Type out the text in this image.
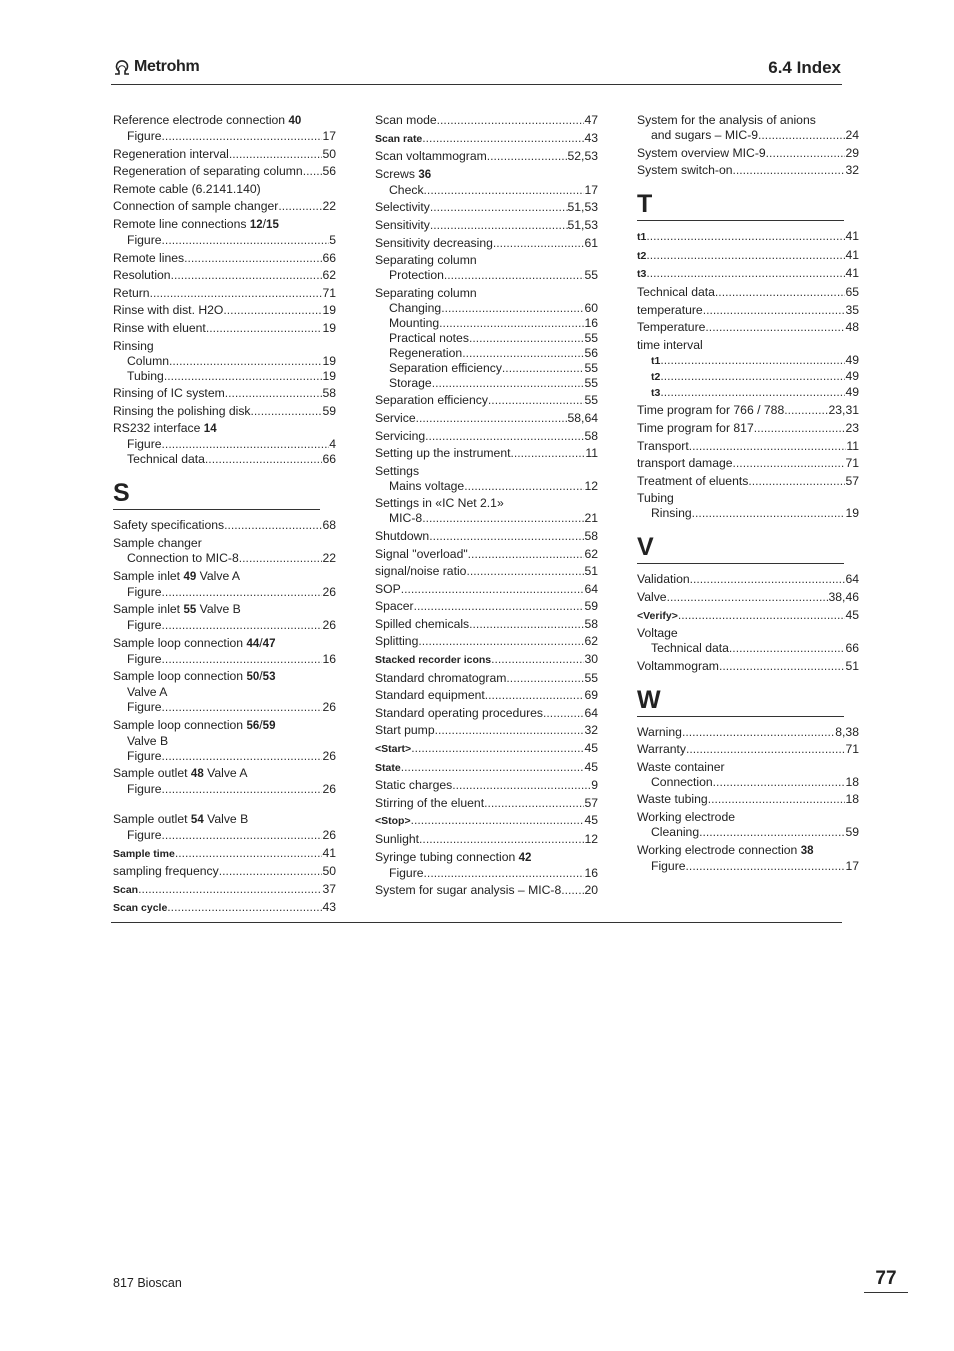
Metrohm	6.4 Index
Reference electrode connection 40
Figure .....	17
Regeneration interval .....	50
Regeneration of separating column ..... 56
Remote cable (6.2141.140)
Connection of sample changer .....	22
Remote line connections 12/15
Figure .....	5
Remote lines .....	66
Resolution .....	62
Return .....	71
Rinse with dist. H2O .....	19
Rinse with eluent .....	19
Rinsing
Column .....	19
Tubing .....	19
Rinsing of IC system .....	58
Rinsing the polishing disk .....	59
RS232 interface 14
Figure .....	4
Technical data .....	66
S
Safety specifications .....	68
Sample changer
Connection to MIC-8 .....	22
Sample inlet 49 Valve A
Figure .....	26
Sample inlet 55 Valve B
Figure .....	26
Sample loop connection 44/47
Figure .....	16
Sample loop connection 50/53
Valve A
Figure .....	26
Sample loop connection 56/59
Valve B
Figure .....	26
Sample outlet 48 Valve A
Figure .....	26
Sample outlet 54 Valve B
Figure .....	26
Sample time .....	41
sampling frequency .....	50
Scan .....	37
Scan cycle .....	43
Scan mode .....	47
Scan rate .....	43
Scan voltammogram .....	52,53
Screws 36
Check .....	17
Selectivity .....	51,53
Sensitivity .....	51,53
Sensitivity decreasing .....	61
Separating column
Protection .....	55
Separating column
Changing .....	60
Mounting .....	16
Practical notes .....	55
Regeneration .....	56
Separation efficiency .....	55
Storage .....	55
Separation efficiency .....	55
Service .....	58,64
Servicing .....	58
Setting up the instrument .....	11
Settings
Mains voltage .....	12
Settings in «IC Net 2.1»
MIC-8 .....	21
Shutdown .....	58
Signal "overload" .....	62
signal/noise ratio .....	51
SOP .....	64
Spacer .....	59
Spilled chemicals .....	58
Splitting .....	62
Stacked recorder icons .....	30
Standard chromatogram .....	55
Standard equipment .....	69
Standard operating procedures .....	64
Start pump .....	32
<Start> .....	45
State .....	45
Static charges .....	9
Stirring of the eluent .....	57
<Stop> .....	45
Sunlight .....	12
Syringe tubing connection 42
Figure .....	16
System for sugar analysis – MIC-8 ..... 20
System for the analysis of anions
and sugars – MIC-9 .....	24
System overview MIC-9 .....	29
System switch-on .....	32
T
t1 .....	41
t2 .....	41
t3 .....	41
Technical data .....	65
temperature .....	35
Temperature .....	48
time interval
t1 .....	49
t2 .....	49
t3 .....	49
Time program for 766 / 788 .....	23,31
Time program for 817 .....	23
Transport .....	11
transport damage .....	71
Treatment of eluents .....	57
Tubing
Rinsing .....	19
V
Validation .....	64
Valve .....	38,46
<Verify> .....	45
Voltage
Technical data .....	66
Voltammogram .....	51
W
Warning .....	8,38
Warranty .....	71
Waste container
Connection .....	18
Waste tubing .....	18
Working electrode
Cleaning .....	59
Working electrode connection 38
Figure .....	17
817 Bioscan	77
